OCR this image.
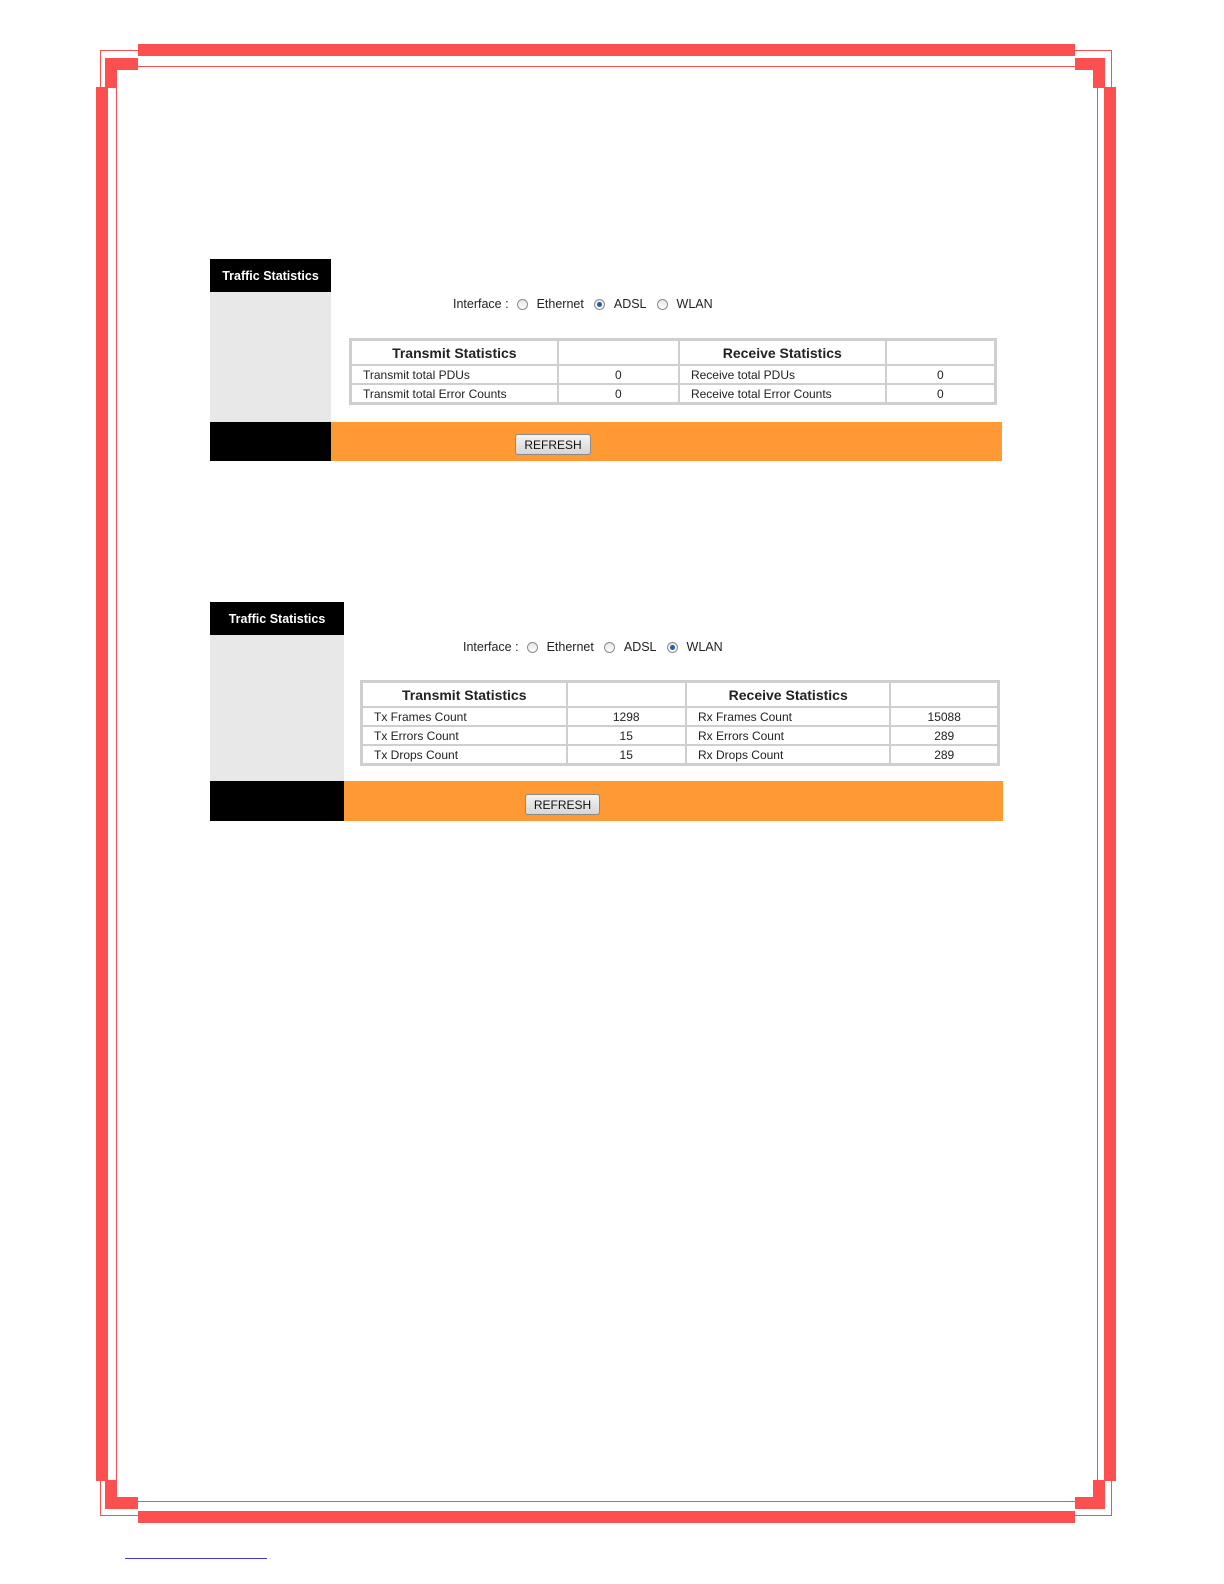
Traffic Statistics
REFRESH
Interface : Ethernet ADSL WLAN
Transmit Statistics		Receive Statistics	
Transmit total PDUs	0	Receive total PDUs	0
Transmit total Error Counts	0	Receive total Error Counts	0
Traffic Statistics
REFRESH
Interface : Ethernet ADSL WLAN
Transmit Statistics		Receive Statistics	
Tx Frames Count	1298	Rx Frames Count	15088
Tx Errors Count	15	Rx Errors Count	289
Tx Drops Count	15	Rx Drops Count	289
